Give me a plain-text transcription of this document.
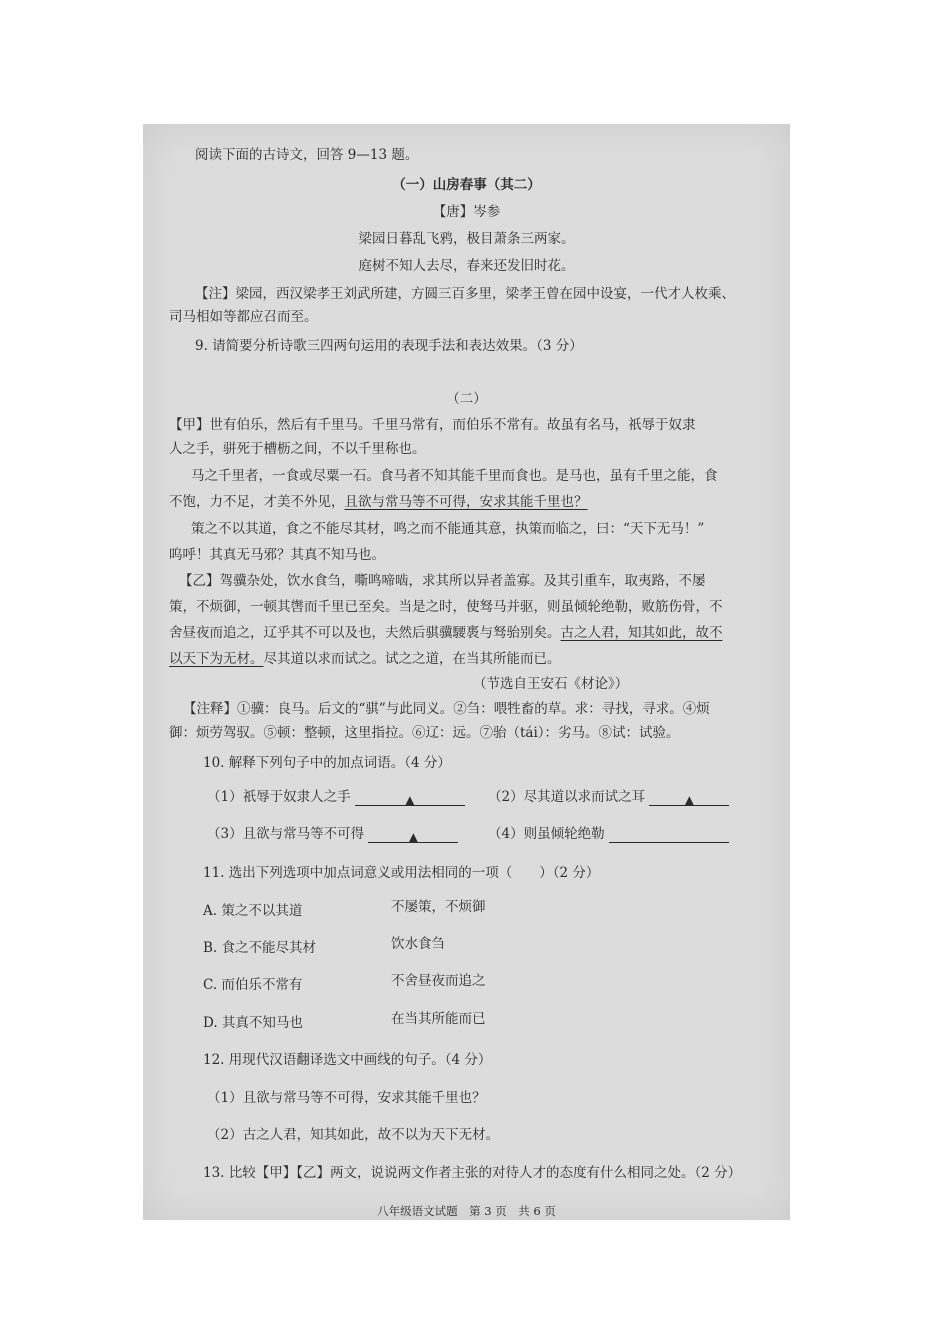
阅读下面的古诗文，回答 9—13 题。
（一）山房春事（其二）
【唐】岑参
梁园日暮乱飞鸦，极目萧条三两家。
庭树不知人去尽，春来还发旧时花。
【注】梁园，西汉梁孝王刘武所建，方圆三百多里，梁孝王曾在园中设宴，一代才人枚乘、
司马相如等都应召而至。
9. 请简要分析诗歌三四两句运用的表现手法和表达效果。（3 分）
（二）
【甲】世有伯乐，然后有千里马。千里马常有，而伯乐不常有。故虽有名马，祇辱于奴隶
人之手，骈死于槽枥之间，不以千里称也。
马之千里者，一食或尽粟一石。食马者不知其能千里而食也。是马也，虽有千里之能，食
不饱，力不足，才美不外见，且欲与常马等不可得，安求其能千里也？
策之不以其道，食之不能尽其材，鸣之而不能通其意，执策而临之，曰：“天下无马！”
呜呼！其真无马邪？其真不知马也。
【乙】驾骥杂处，饮水食刍，嘶鸣啼啮，求其所以异者盖寡。及其引重车，取夷路，不屡
策，不烦御，一顿其辔而千里已至矣。当是之时，使驽马并驱，则虽倾轮绝勒，败筋伤骨，不
舍昼夜而追之，辽乎其不可以及也，夫然后骐骥騕褭与驽骀别矣。古之人君，知其如此，故不
以天下为无材。尽其道以求而试之。试之之道，在当其所能而已。
（节选自王安石《材论》）
【注释】①骥：良马。后文的“骐”与此同义。②刍：喂牲畜的草。求：寻找，寻求。④烦
御：烦劳驾驭。⑤顿：整顿，这里指拉。⑥辽：远。⑦骀（tái）：劣马。⑧试：试验。
10. 解释下列句子中的加点词语。（4 分）
（1）祇辱于奴隶人之手	▲	（2）尽其道以求而试之耳	▲
（3）且欲与常马等不可得	▲	（4）则虽倾轮绝勒
11. 选出下列选项中加点词意义或用法相同的一项（　　）（2 分）
A. 策之不以其道	不屡策，不烦御
B. 食之不能尽其材	饮水食刍
C. 而伯乐不常有	不舍昼夜而追之
D. 其真不知马也	在当其所能而已
12. 用现代汉语翻译选文中画线的句子。（4 分）
（1）且欲与常马等不可得，安求其能千里也？
（2）古之人君，知其如此，故不以为天下无材。
13. 比较【甲】【乙】两文，说说两文作者主张的对待人才的态度有什么相同之处。（2 分）
八年级语文试题　第 3 页　共 6 页
